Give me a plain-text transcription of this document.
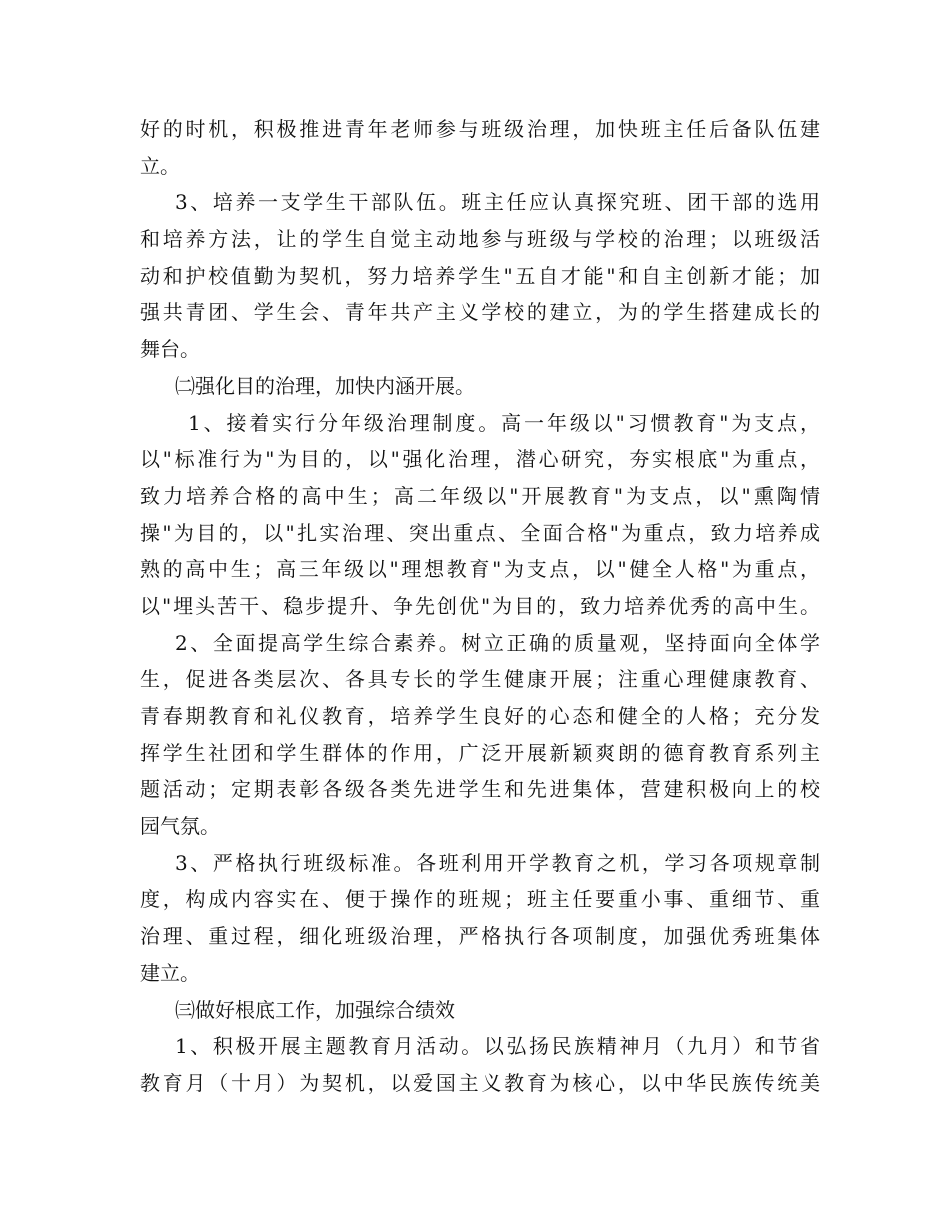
好的时机，积极推进青年老师参与班级治理，加快班主任后备队伍建
立。
3、培养一支学生干部队伍。班主任应认真探究班、团干部的选用
和培养方法，让的学生自觉主动地参与班级与学校的治理；以班级活
动和护校值勤为契机，努力培养学生"五自才能"和自主创新才能；加
强共青团、学生会、青年共产主义学校的建立，为的学生搭建成长的
舞台。
㈡强化目的治理，加快内涵开展。
1、接着实行分年级治理制度。高一年级以"习惯教育"为支点，
以"标准行为"为目的，以"强化治理，潜心研究，夯实根底"为重点，
致力培养合格的高中生；高二年级以"开展教育"为支点，以"熏陶情
操"为目的，以"扎实治理、突出重点、全面合格"为重点，致力培养成
熟的高中生；高三年级以"理想教育"为支点，以"健全人格"为重点，
以"埋头苦干、稳步提升、争先创优"为目的，致力培养优秀的高中生。
2、全面提高学生综合素养。树立正确的质量观，坚持面向全体学
生，促进各类层次、各具专长的学生健康开展；注重心理健康教育、
青春期教育和礼仪教育，培养学生良好的心态和健全的人格；充分发
挥学生社团和学生群体的作用，广泛开展新颖爽朗的德育教育系列主
题活动；定期表彰各级各类先进学生和先进集体，营建积极向上的校
园气氛。
3、严格执行班级标准。各班利用开学教育之机，学习各项规章制
度，构成内容实在、便于操作的班规；班主任要重小事、重细节、重
治理、重过程，细化班级治理，严格执行各项制度，加强优秀班集体
建立。
㈢做好根底工作，加强综合绩效
1、积极开展主题教育月活动。以弘扬民族精神月（九月）和节省
教育月（十月）为契机，以爱国主义教育为核心，以中华民族传统美
